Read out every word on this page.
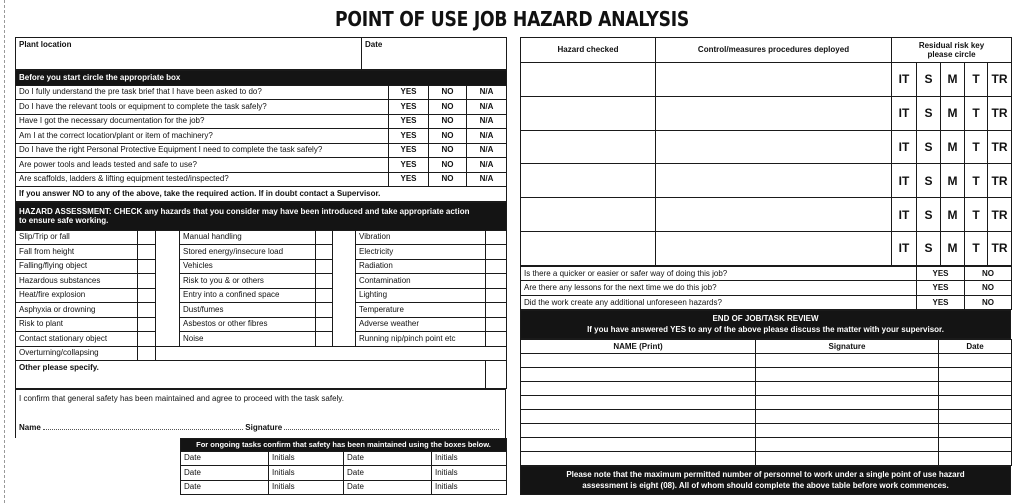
POINT OF USE JOB HAZARD ANALYSIS
Plant location	Date
Before you start circle the appropriate box			
Do I fully understand the pre task brief that I have been asked to do?	YES	NO	N/A
Do I have the relevant tools or equipment to complete the task safely?	YES	NO	N/A
Have I got the necessary documentation for the job?	YES	NO	N/A
Am I at the correct location/plant or item of machinery?	YES	NO	N/A
Do I have the right Personal Protective Equipment I need to complete the task safely?	YES	NO	N/A
Are power tools and leads tested and safe to use?	YES	NO	N/A
Are scaffolds, ladders & lifting equipment tested/inspected?	YES	NO	N/A
If you answer NO to any of the above, take the required action. If in doubt contact a Supervisor.			
HAZARD ASSESSMENT: CHECK any hazards that you consider may have been introduced and take appropriate action
to ensure safe working.							
Slip/Trip or fall			Manual handling			Vibration	
Fall from height			Stored energy/insecure load			Electricity	
Falling/flying object			Vehicles			Radiation	
Hazardous substances			Risk to you & or others			Contamination	
Heat/fire explosion			Entry into a confined space			Lighting	
Asphyxia or drowning			Dust/fumes			Temperature	
Risk to plant			Asbestos or other fibres			Adverse weather	
Contact stationary object			Noise			Running nip/pinch point etc	
Overturning/collapsing							
Other please specify.							
I confirm that general safety has been maintained and agree to proceed with the task safely.
Name	Signature
For ongoing tasks confirm that safety has been maintained using the boxes below.			
Date	Initials	Date	Initials
Date	Initials	Date	Initials
Date	Initials	Date	Initials
Hazard checked	Control/measures procedures deployed	Residual risk key
please circle				
		IT	S	M	T	TR
		IT	S	M	T	TR
		IT	S	M	T	TR
		IT	S	M	T	TR
		IT	S	M	T	TR
		IT	S	M	T	TR
Is there a quicker or easier or safer way of doing this job?	YES	NO
Are there any lessons for the next time we do this job?	YES	NO
Did the work create any additional unforeseen hazards?	YES	NO
END OF JOB/TASK REVIEW
If you have answered YES to any of the above please discuss the matter with your supervisor.
NAME (Print)	Signature	Date

Please note that the maximum permitted number of personnel to work under a single point of use hazard
assessment is eight (08). All of whom should complete the above table before work commences.
